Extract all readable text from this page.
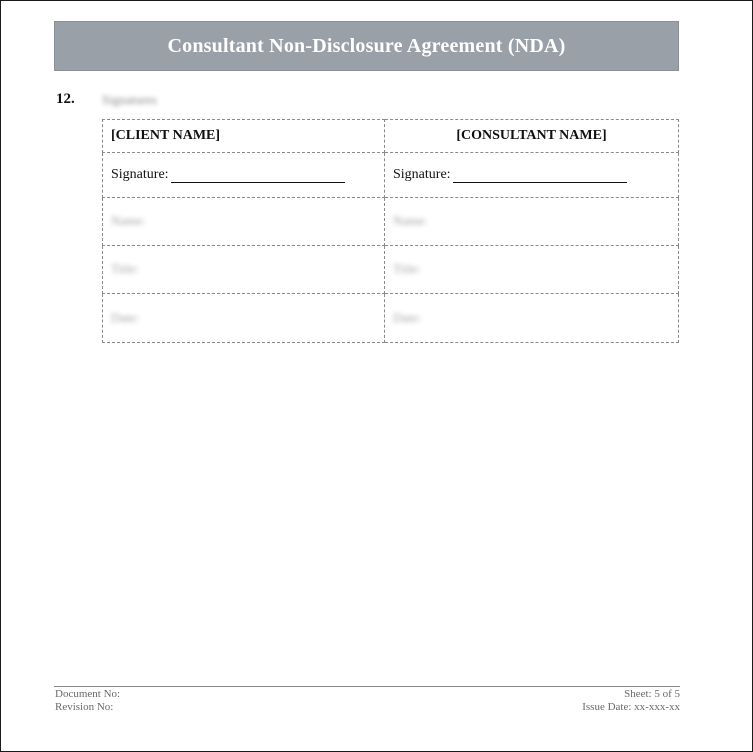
Consultant Non-Disclosure Agreement (NDA)
12.	Signatures
[CLIENT NAME]	[CONSULTANT NAME]

Signature:	Signature:

Name:	Name:
Title:	Title:
Date:	Date:
Document No:
Revision No:
Sheet: 5 of 5
Issue Date: xx-xxx-xx
